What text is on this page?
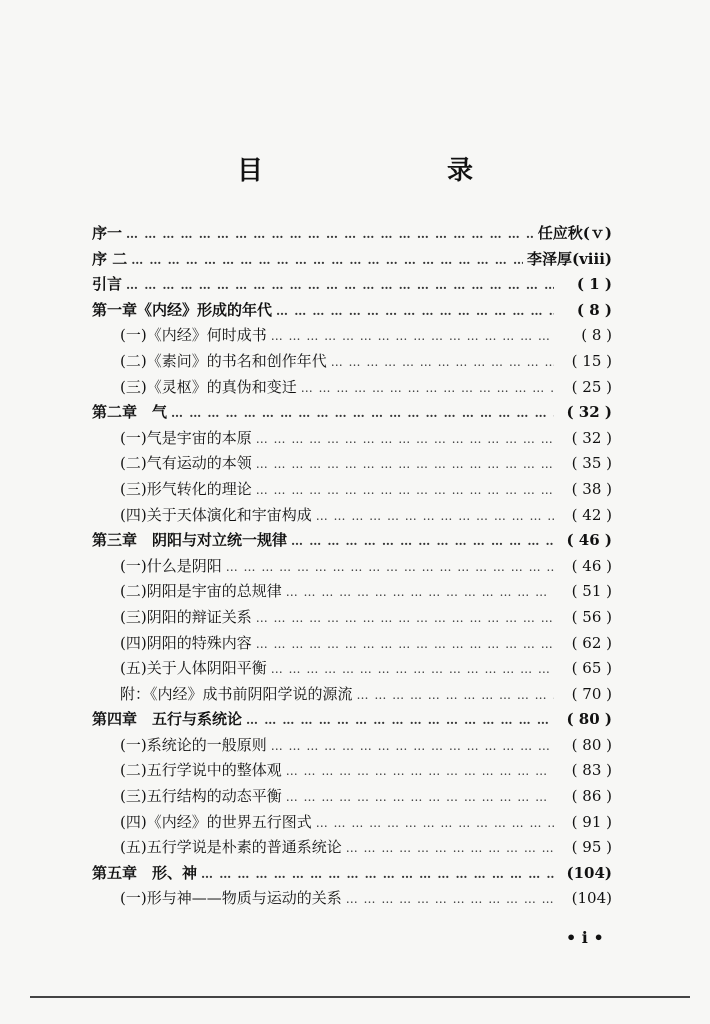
目　　录
序一 … … … … … … … … … … … … … … … … … … … … … … … … … … … … … … … … … … … … … … … … … … … … … … … … … … … …	任应秋(ｖ)
序 二 … … … … … … … … … … … … … … … … … … … … … … … … … … … … … … … … … … … … … … … … … … … … … … … … … … … …	李泽厚(viii)
引言 … … … … … … … … … … … … … … … … … … … … … … … … … … … … … … … … … … … … … … … … … … … … … … … … … … … …	( 1 )
第一章《内经》形成的年代 … … … … … … … … … … … … … … … … … … … … … … … … … … … … … … … … … … … … … … … … … … … … … … … … … … … …	( 8 )
(一)《内经》何时成书 … … … … … … … … … … … … … … … … … … … … … … … … … … … … … … … … … … … … … … … … … … … … … … … … … … … …	( 8 )
(二)《素问》的书名和创作年代 … … … … … … … … … … … … … … … … … … … … … … … … … … … … … … … … … … … … … … … … … … … … … … … … … … … …	( 15 )
(三)《灵枢》的真伪和变迁 … … … … … … … … … … … … … … … … … … … … … … … … … … … … … … … … … … … … … … … … … … … … … … … … … … … …	( 25 )
第二章　气 … … … … … … … … … … … … … … … … … … … … … … … … … … … … … … … … … … … … … … … … … … … … … … … … … … … …	( 32 )
(一)气是宇宙的本原 … … … … … … … … … … … … … … … … … … … … … … … … … … … … … … … … … … … … … … … … … … … … … … … … … … … …	( 32 )
(二)气有运动的本领 … … … … … … … … … … … … … … … … … … … … … … … … … … … … … … … … … … … … … … … … … … … … … … … … … … … …	( 35 )
(三)形气转化的理论 … … … … … … … … … … … … … … … … … … … … … … … … … … … … … … … … … … … … … … … … … … … … … … … … … … … …	( 38 )
(四)关于天体演化和宇宙构成 … … … … … … … … … … … … … … … … … … … … … … … … … … … … … … … … … … … … … … … … … … … … … … … … … … … …	( 42 )
第三章　阴阳与对立统一规律 … … … … … … … … … … … … … … … … … … … … … … … … … … … … … … … … … … … … … … … … … … … … … … … … … … … …	( 46 )
(一)什么是阴阳 … … … … … … … … … … … … … … … … … … … … … … … … … … … … … … … … … … … … … … … … … … … … … … … … … … … …	( 46 )
(二)阴阳是宇宙的总规律 … … … … … … … … … … … … … … … … … … … … … … … … … … … … … … … … … … … … … … … … … … … … … … … … … … … …	( 51 )
(三)阴阳的辩证关系 … … … … … … … … … … … … … … … … … … … … … … … … … … … … … … … … … … … … … … … … … … … … … … … … … … … …	( 56 )
(四)阴阳的特殊内容 … … … … … … … … … … … … … … … … … … … … … … … … … … … … … … … … … … … … … … … … … … … … … … … … … … … …	( 62 )
(五)关于人体阴阳平衡 … … … … … … … … … … … … … … … … … … … … … … … … … … … … … … … … … … … … … … … … … … … … … … … … … … … …	( 65 )
附：《内经》成书前阴阳学说的源流 … … … … … … … … … … … … … … … … … … … … … … … … … … … … … … … … … … … … … … … … … … … … … … … … … … … …	( 70 )
第四章　五行与系统论 … … … … … … … … … … … … … … … … … … … … … … … … … … … … … … … … … … … … … … … … … … … … … … … … … … … …	( 80 )
(一)系统论的一般原则 … … … … … … … … … … … … … … … … … … … … … … … … … … … … … … … … … … … … … … … … … … … … … … … … … … … …	( 80 )
(二)五行学说中的整体观 … … … … … … … … … … … … … … … … … … … … … … … … … … … … … … … … … … … … … … … … … … … … … … … … … … … …	( 83 )
(三)五行结构的动态平衡 … … … … … … … … … … … … … … … … … … … … … … … … … … … … … … … … … … … … … … … … … … … … … … … … … … … …	( 86 )
(四)《内经》的世界五行图式 … … … … … … … … … … … … … … … … … … … … … … … … … … … … … … … … … … … … … … … … … … … … … … … … … … … …	( 91 )
(五)五行学说是朴素的普通系统论 … … … … … … … … … … … … … … … … … … … … … … … … … … … … … … … … … … … … … … … … … … … … … … … … … … … …	( 95 )
第五章　形、神 … … … … … … … … … … … … … … … … … … … … … … … … … … … … … … … … … … … … … … … … … … … … … … … … … … … …	(104)
(一)形与神——物质与运动的关系 … … … … … … … … … … … … … … … … … … … … … … … … … … … … … … … … … … … … … … … … … … … … … … … … … … … …	(104)
• i •
